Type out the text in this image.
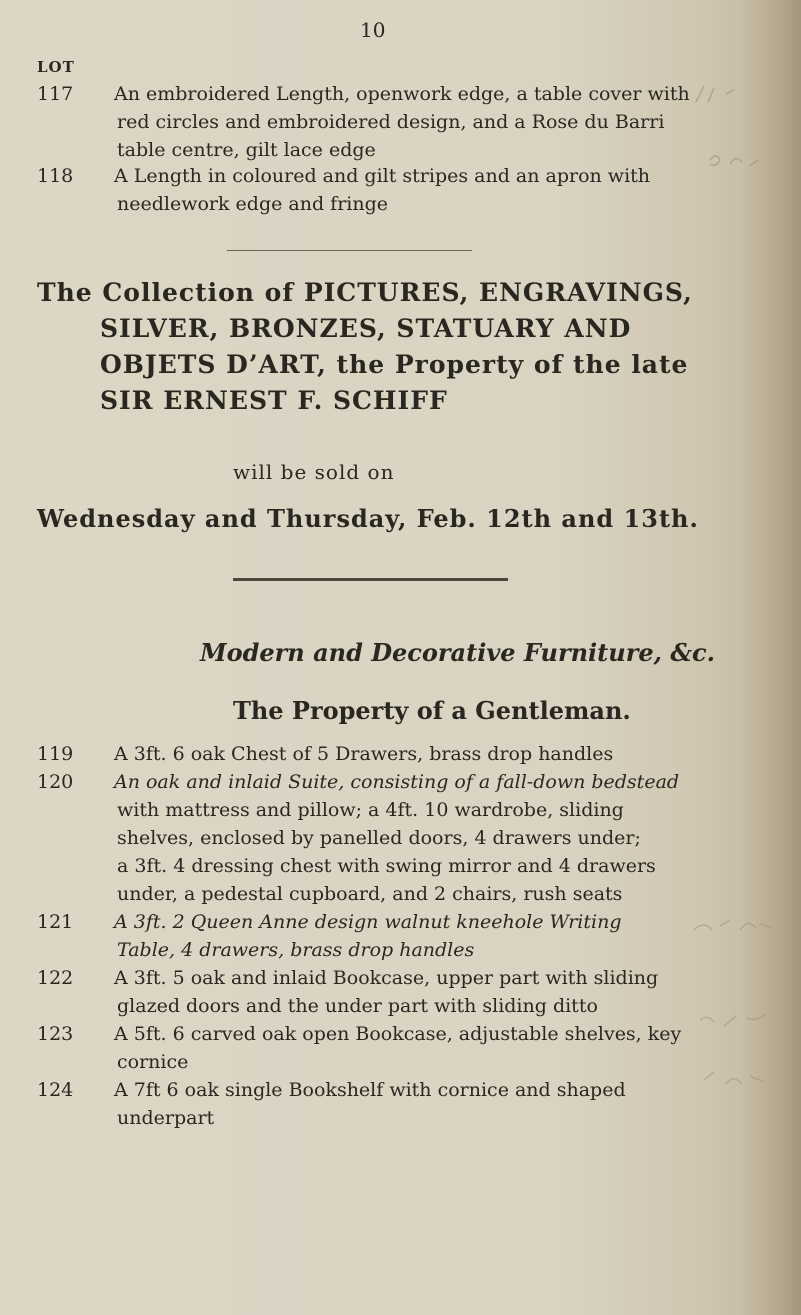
10
LOT
117	An embroidered Length, openwork edge, a table cover with
red circles and embroidered design, and a Rose du Barri
table centre, gilt lace edge
118	A Length in coloured and gilt stripes and an apron with
needlework edge and fringe
The Collection of PICTURES, ENGRAVINGS,
SILVER, BRONZES, STATUARY AND
OBJETS D’ART, the Property of the late
SIR ERNEST F. SCHIFF
will be sold on
Wednesday and Thursday, Feb. 12th and 13th.
Modern and Decorative Furniture, &c.
The Property of a Gentleman.
119	A 3ft. 6 oak Chest of 5 Drawers, brass drop handles
120	An oak and inlaid Suite, consisting of a fall-down bedstead
with mattress and pillow; a 4ft. 10 wardrobe, sliding
shelves, enclosed by panelled doors, 4 drawers under;
a 3ft. 4 dressing chest with swing mirror and 4 drawers
under, a pedestal cupboard, and 2 chairs, rush seats
121	A 3ft. 2 Queen Anne design walnut kneehole Writing
Table, 4 drawers, brass drop handles
122	A 3ft. 5 oak and inlaid Bookcase, upper part with sliding
glazed doors and the under part with sliding ditto
123	A 5ft. 6 carved oak open Bookcase, adjustable shelves, key
cornice
124	A 7ft 6 oak single Bookshelf with cornice and shaped
underpart
